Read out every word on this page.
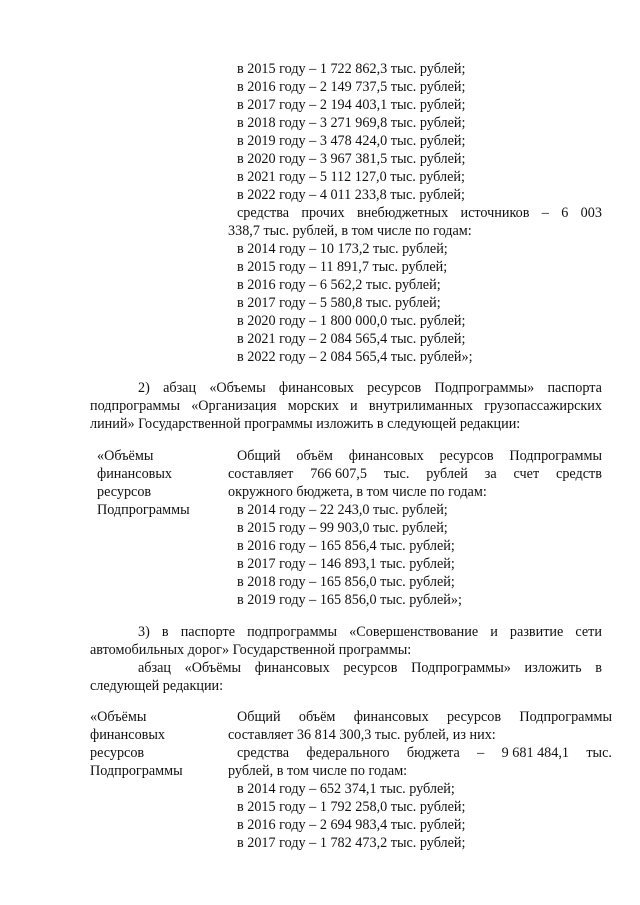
в 2015 году – 1 722 862,3 тыс. рублей;
в 2016 году – 2 149 737,5 тыс. рублей;
в 2017 году – 2 194 403,1 тыс. рублей;
в 2018 году – 3 271 969,8 тыс. рублей;
в 2019 году – 3 478 424,0 тыс. рублей;
в 2020 году – 3 967 381,5 тыс. рублей;
в 2021 году – 5 112 127,0 тыс. рублей;
в 2022 году – 4 011 233,8 тыс. рублей;
средства прочих внебюджетных источников – 6 003
338,7 тыс. рублей, в том числе по годам:
в 2014 году – 10 173,2 тыс. рублей;
в 2015 году – 11 891,7 тыс. рублей;
в 2016 году – 6 562,2 тыс. рублей;
в 2017 году – 5 580,8 тыс. рублей;
в 2020 году – 1 800 000,0 тыс. рублей;
в 2021 году – 2 084 565,4 тыс. рублей;
в 2022 году – 2 084 565,4 тыс. рублей»;
2) абзац «Объемы финансовых ресурсов Подпрограммы» паспорта
подпрограммы «Организация морских и внутрилиманных грузопассажирских
линий» Государственной программы изложить в следующей редакции:
«Объёмы
финансовых
ресурсов
Подпрограммы
Общий объём финансовых ресурсов Подпрограммы
составляет 766 607,5 тыс. рублей за счет средств
окружного бюджета, в том числе по годам:
в 2014 году – 22 243,0 тыс. рублей;
в 2015 году – 99 903,0 тыс. рублей;
в 2016 году – 165 856,4 тыс. рублей;
в 2017 году – 146 893,1 тыс. рублей;
в 2018 году – 165 856,0 тыс. рублей;
в 2019 году – 165 856,0 тыс. рублей»;
3) в паспорте подпрограммы «Совершенствование и развитие сети
автомобильных дорог» Государственной программы:
абзац «Объёмы финансовых ресурсов Подпрограммы» изложить в
следующей редакции:
«Объёмы
финансовых
ресурсов
Подпрограммы
Общий объём финансовых ресурсов Подпрограммы
составляет 36 814 300,3 тыс. рублей, из них:
средства федерального бюджета – 9 681 484,1 тыс.
рублей, в том числе по годам:
в 2014 году – 652 374,1 тыс. рублей;
в 2015 году – 1 792 258,0 тыс. рублей;
в 2016 году – 2 694 983,4 тыс. рублей;
в 2017 году – 1 782 473,2 тыс. рублей;
